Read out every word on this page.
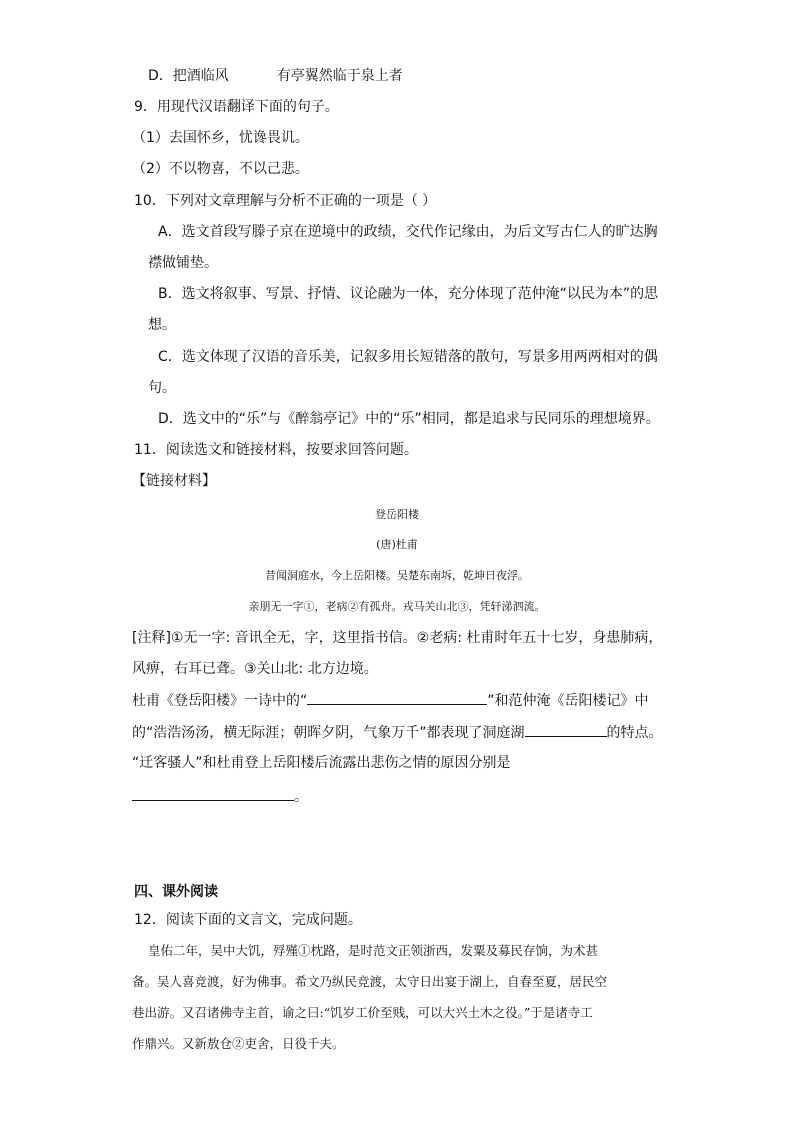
D．把酒临风	有亭翼然临于泉上者
9．用现代汉语翻译下面的句子。
（1）去国怀乡，忧谗畏讥。
（2）不以物喜，不以己悲。
10．下列对文章理解与分析不正确的一项是（ ）
A．选文首段写滕子京在逆境中的政绩，交代作记缘由，为后文写古仁人的旷达胸
襟做铺垫。
B．选文将叙事、写景、抒情、议论融为一体，充分体现了范仲淹“以民为本”的思
想。
C．选文体现了汉语的音乐美，记叙多用长短错落的散句，写景多用两两相对的偶
句。
D．选文中的“乐”与《醉翁亭记》中的“乐”相同，都是追求与民同乐的理想境界。
11．阅读选文和链接材料，按要求回答问题。
【链接材料】
登岳阳楼
(唐)杜甫
昔闻洞庭水，今上岳阳楼。吴楚东南坼，乾坤日夜浮。
亲朋无一字①，老病②有孤舟。戎马关山北③，凭轩涕泗流。
[注释]①无一字: 音讯全无，字，这里指书信。②老病: 杜甫时年五十七岁，身患肺病，
风痹，右耳已聋。③关山北: 北方边境。
杜甫《登岳阳楼》一诗中的“	”和范仲淹《岳阳楼记》中
的“浩浩汤汤，横无际涯；朝晖夕阴，气象万千”都表现了洞庭湖	的特点。
“迁客骚人”和杜甫登上岳阳楼后流露出悲伤之情的原因分别是
。
四、课外阅读
12．阅读下面的文言文，完成问题。
皇佑二年，吴中大饥，殍殣①枕路，是时范文正领浙西，发粟及募民存饷，为术甚
备。吴人喜竞渡，好为佛事。希文乃纵民竞渡，太守日出宴于湖上，自春至夏，居民空
巷出游。又召诸佛寺主首，谕之曰:“饥岁工价至贱，可以大兴土木之役。”于是诸寺工
作鼎兴。又新敖仓②吏舍，日役千夫。
